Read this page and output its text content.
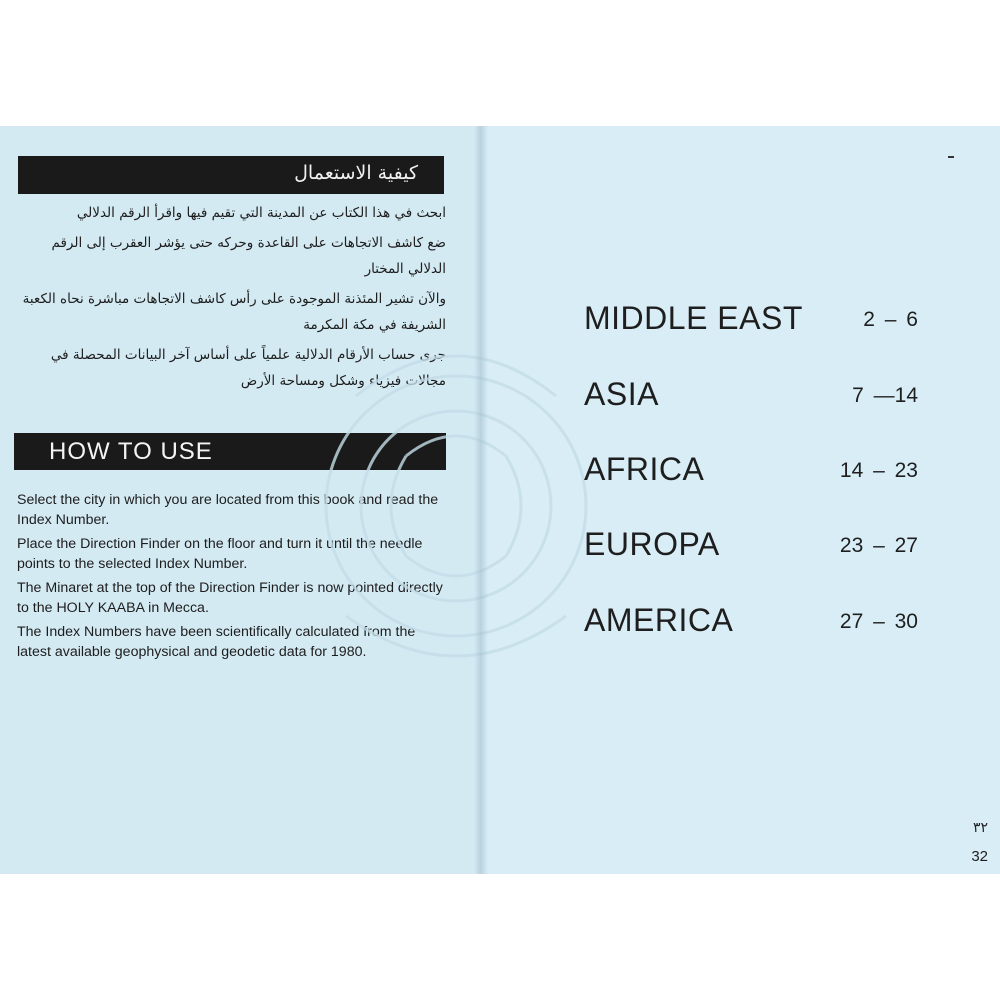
كيفية الاستعمال

ابحث في هذا الكتاب عن المدينة التي تقيم فيها واقرأ الرقم الدلالي

ضع كاشف الاتجاهات على القاعدة وحركه حتى يؤشر العقرب إلى الرقم الدلالي المختار

والآن تشير المئذنة الموجودة على رأس كاشف الاتجاهات مباشرة نحاه الكعبة الشريفة في مكة المكرمة

جرى حساب الأرقام الدلالية علمياً على أساس آخر البيانات المحصلة في مجالات فيزياء وشكل ومساحة الأرض

HOW TO USE

Select the city in which you are located from this book and read the Index Number.

Place the Direction Finder on the floor and turn it until the needle points to the selected Index Number.

The Minaret at the top of the Direction Finder is now pointed directly to the HOLY KAABA in Mecca.

The Index Numbers have been scientifically calculated from the latest available geophysical and geodetic data for 1980.

MIDDLE EAST	2 – 6
ASIA	7 —14
AFRICA	14 – 23
EUROPA	23 – 27
AMERICA	27 – 30
٣٢
32
